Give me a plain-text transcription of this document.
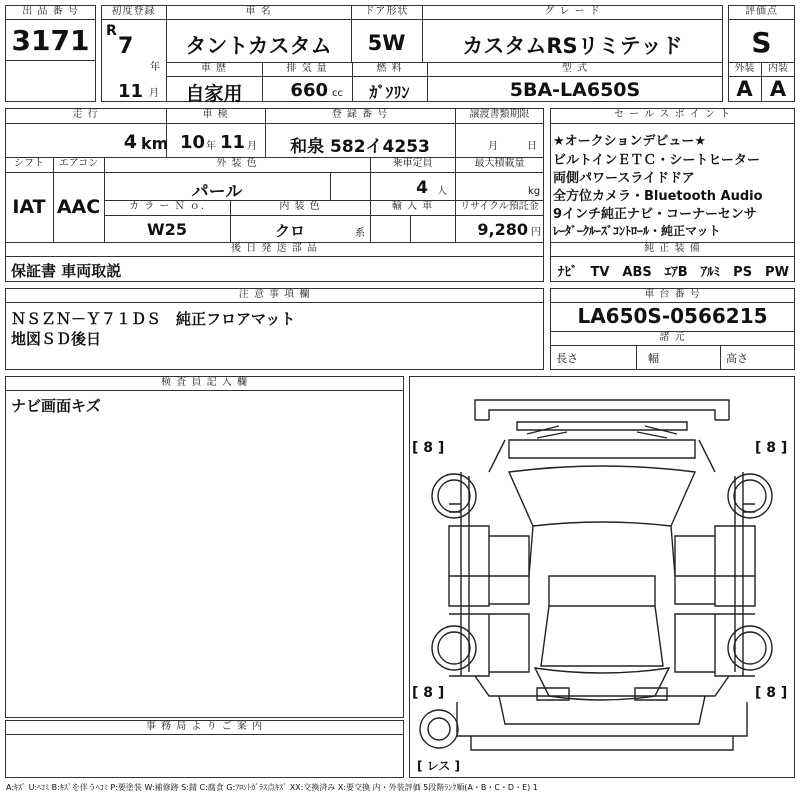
出 品 番 号
3171
初度登録
R
7
年
11 月
車 名
タントカスタム
ドア形状
5W
グ レ ー ド
カスタムRSリミテッド
車 歴
自家用
排 気 量
660 cc
燃 料
ｶﾞｿﾘﾝ
型 式
5BA-LA650S
評価点
S
外装	内装
A A
走 行
4 km
車 検
10 年 11 月
登 録 番 号
和泉 582イ4253
譲渡書類期限
月	日
シフト
IAT
エアコン
AAC
外 装 色
パール
乗車定員
4 人
最大積載量
kg
カ ラ ー Ｎ ｏ.
W25
内 装 色
クロ	系
輸 入 車	リサイクル預託金
9,280 円
後 日 発 送 部 品
保証書 車両取説
セ ー ル ス ポ イ ン ト
★オークションデビュー★
ビルトインＥＴＣ・シートヒーター
両側パワースライドドア
全方位カメラ・Bluetooth Audio
9インチ純正ナビ・コーナーセンサ
ﾚｰﾀﾞｰｸﾙｰｽﾞｺﾝﾄﾛｰﾙ・純正マット
純 正 装 備
ﾅﾋﾞ　TV　ABS　ｴｱB　ｱﾙﾐ　PS　PW
注 意 事 項 欄
ＮＳＺＮ－Ｙ７１ＤＳ　純正フロアマット
地図ＳＤ後日
車 台 番 号
LA650S-0566215
諸 元
長さ	幅	高さ
検 査 員 記 入 欄
ナビ画面キズ
事 務 局 よ り ご 案 内
[ 8 ]	[ 8 ]
[ 8 ]	[ 8 ]
[ レス ]
A:ｷｽﾞ U:ﾍｺﾐ B:ｷｽﾞを伴うﾍｺﾐ P:要塗装 W:補修跡 S:錆 C:腐食 G:ﾌﾛﾝﾄｶﾞﾗｽ点ｷｽﾞ XX:交換済み X:要交換 内・外装評価 5段階ﾗﾝｸ順(A・B・C・D・E) 1
